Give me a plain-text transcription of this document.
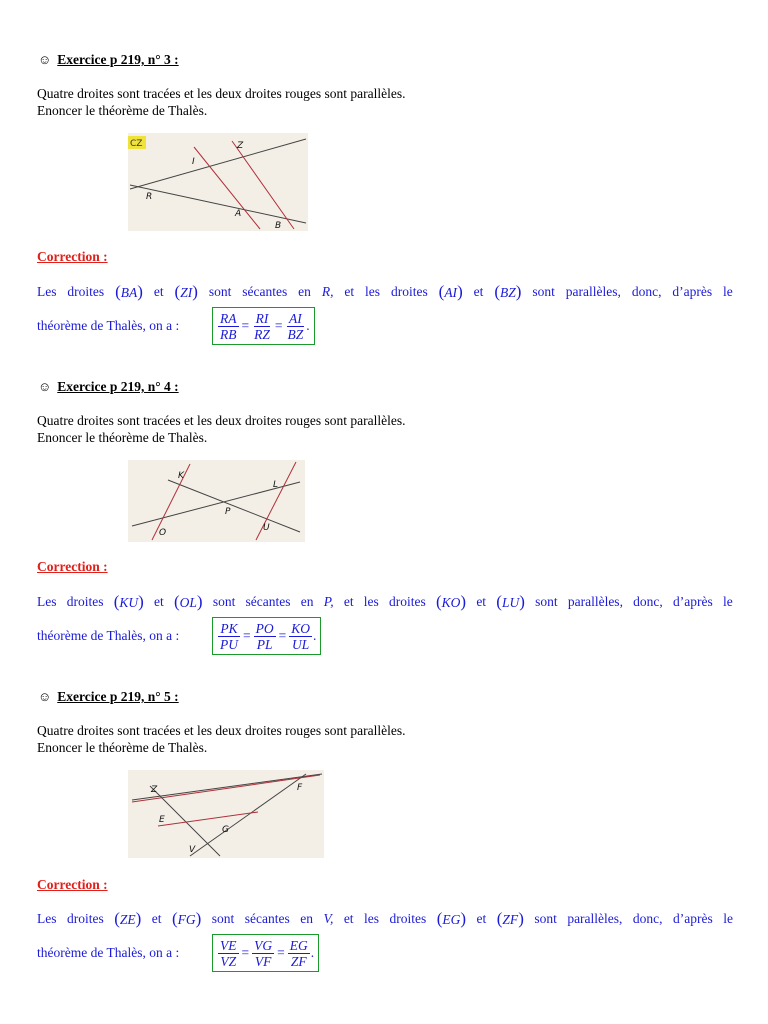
☺ Exercice p 219, n° 3 :
Quatre droites sont tracées et les deux droites rouges sont parallèles.
Enoncer le théorème de Thalès.
CZ	Z
I
R
A
B
Correction :
Les droites (BA) et (ZI) sont sécantes en R, et les droites (AI) et (BZ) sont parallèles, donc, d’après le
théorème de Thalès, on a :	$\frac{RA}{RB} = \frac{RI}{RZ} = \frac{AI}{BZ}$ .
☺ Exercice p 219, n° 4 :
Quatre droites sont tracées et les deux droites rouges sont parallèles.
Enoncer le théorème de Thalès.
K
L
P
O	U
Correction :
Les droites (KU) et (OL) sont sécantes en P, et les droites (KO) et (LU) sont parallèles, donc, d’après le
théorème de Thalès, on a :	$\frac{PK}{PU} = \frac{PO}{PL} = \frac{KO}{UL}$ .
☺ Exercice p 219, n° 5 :
Quatre droites sont tracées et les deux droites rouges sont parallèles.
Enoncer le théorème de Thalès.
Z	F
E
G
V
Correction :
Les droites (ZE) et (FG) sont sécantes en V, et les droites (EG) et (ZF) sont parallèles, donc, d’après le
théorème de Thalès, on a :	$\frac{VE}{VZ} = \frac{VG}{VF} = \frac{EG}{ZF}$ .
